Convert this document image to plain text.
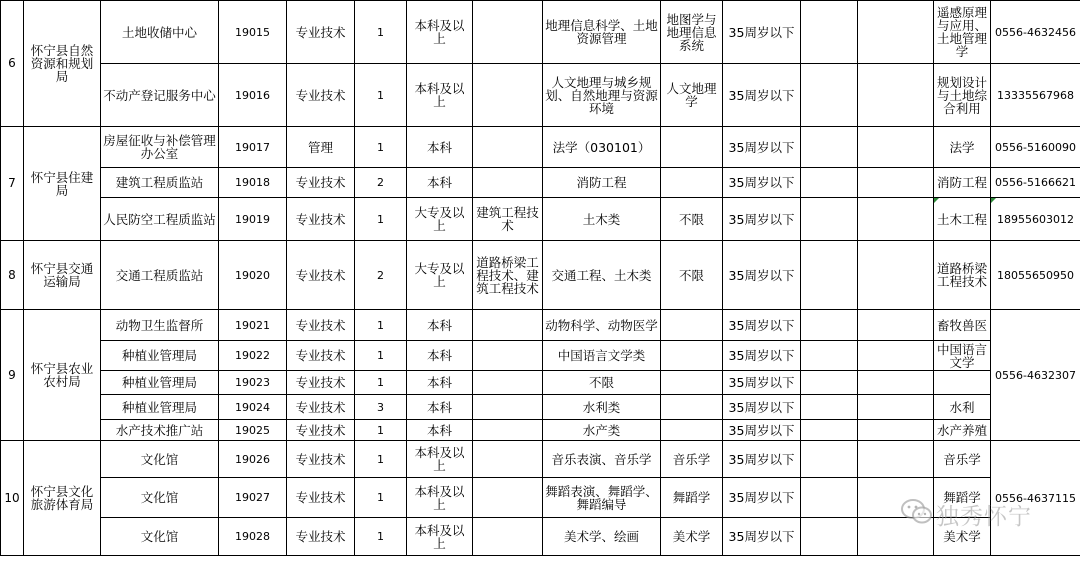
6	怀宁县自然资源和规划局	土地收储中心	19015	专业技术	1	本科及以上		地理信息科学、土地资源管理	地图学与地理信息系统	35周岁以下			遥感原理与应用、土地管理学	0556-4632456
		不动产登记服务中心	19016	专业技术	1	本科及以上		人文地理与城乡规划、自然地理与资源环境	人文地理学	35周岁以下			规划设计与土地综合利用	13335567968
7	怀宁县住建局	房屋征收与补偿管理办公室	19017	管理	1	本科		法学（030101）		35周岁以下			法学	0556-5160090
		建筑工程质监站	19018	专业技术	2	本科		消防工程		35周岁以下			消防工程	0556-5166621
		人民防空工程质监站	19019	专业技术	1	大专及以上	建筑工程技术	土木类	不限	35周岁以下			土木工程	18955603012
8	怀宁县交通运输局	交通工程质监站	19020	专业技术	2	大专及以上	道路桥梁工程技术、建筑工程技术	交通工程、土木类	不限	35周岁以下			道路桥梁工程技术	18055650950
9	怀宁县农业农村局	动物卫生监督所	19021	专业技术	1	本科		动物科学、动物医学		35周岁以下			畜牧兽医	0556-4632307
		种植业管理局	19022	专业技术	1	本科		中国语言文学类		35周岁以下			中国语言文学	
		种植业管理局	19023	专业技术	1	本科		不限		35周岁以下				
		种植业管理局	19024	专业技术	3	本科		水利类		35周岁以下			水利	
		水产技术推广站	19025	专业技术	1	本科		水产类		35周岁以下			水产养殖	
10	怀宁县文化旅游体育局	文化馆	19026	专业技术	1	本科及以上		音乐表演、音乐学	音乐学	35周岁以下			音乐学	0556-4637115
		文化馆	19027	专业技术	1	本科及以上		舞蹈表演、舞蹈学、舞蹈编导	舞蹈学	35周岁以下			舞蹈学	
		文化馆	19028	专业技术	1	本科及以上		美术学、绘画	美术学	35周岁以下			美术学	
独秀怀宁
